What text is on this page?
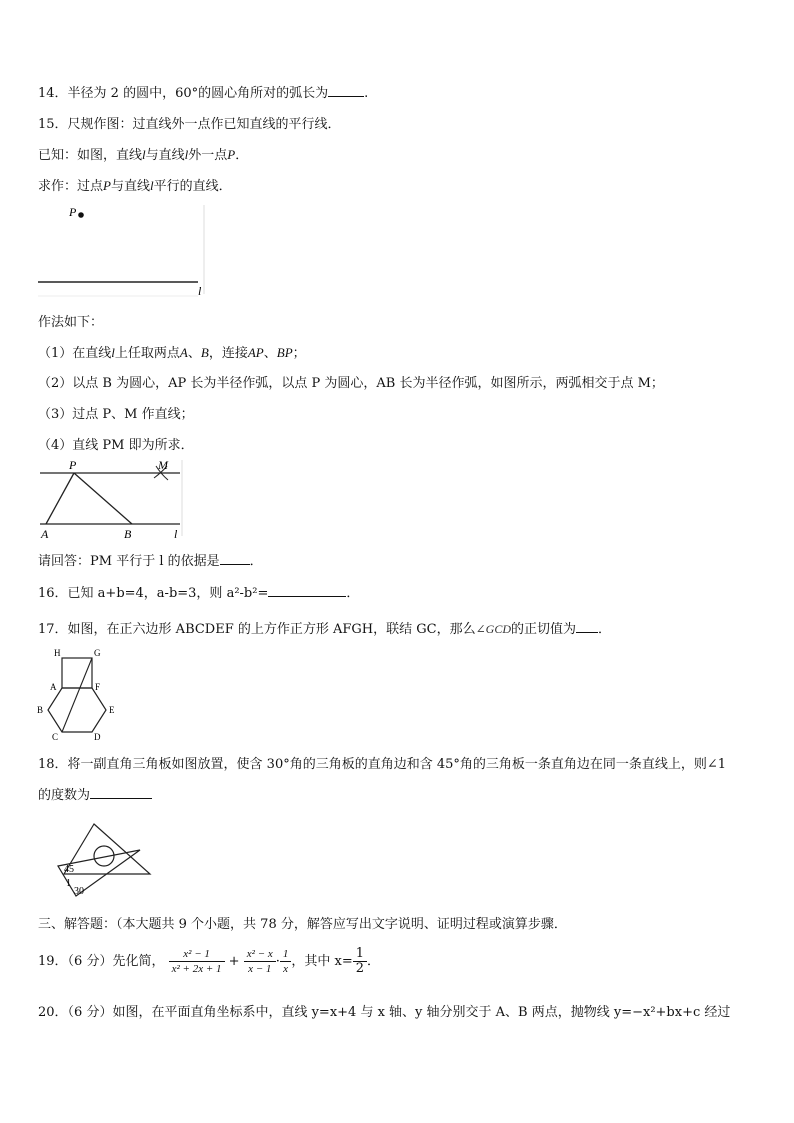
14．半径为 2 的圆中，60°的圆心角所对的弧长为	.
15．尺规作图：过直线外一点作已知直线的平行线．
已知：如图，直线l与直线l外一点P．
求作：过点P与直线l平行的直线．
P
l
作法如下：
（1）在直线l上任取两点A、B，连接AP、BP；
（2）以点 B 为圆心，AP 长为半径作弧，以点 P 为圆心，AB 长为半径作弧，如图所示，两弧相交于点 M；
（3）过点 P、M 作直线；
（4）直线 PM 即为所求．
P	M
A	B	l
请回答：PM 平行于 l 的依据是 ．
16．已知 a+b=4，a-b=3，则 a²-b²=	．
17．如图，在正六边形 ABCDEF 的上方作正方形 AFGH，联结 GC，那么∠GCD的正切值为 ．
H	G
A	F
B	E
C	D
18．将一副直角三角板如图放置，使含 30°角的三角板的直角边和含 45°角的三角板一条直角边在同一条直线上，则∠1
的度数为
45
1
30
三、解答题：（本大题共 9 个小题，共 78 分，解答应写出文字说明、证明过程或演算步骤．
19．（6 分）先化简， $\frac{\text{x² − 1}}{\text{x² + 2x + 1}} + \frac{\text{x² − x}}{x - 1} \cdot \frac{1}{x}$ ，其中 $x= \frac{1}{2}$ ．
20．（6 分）如图，在平面直角坐标系中，直线 y=x+4 与 x 轴、y 轴分别交于 A、B 两点，抛物线 y=−x²+bx+c 经过
